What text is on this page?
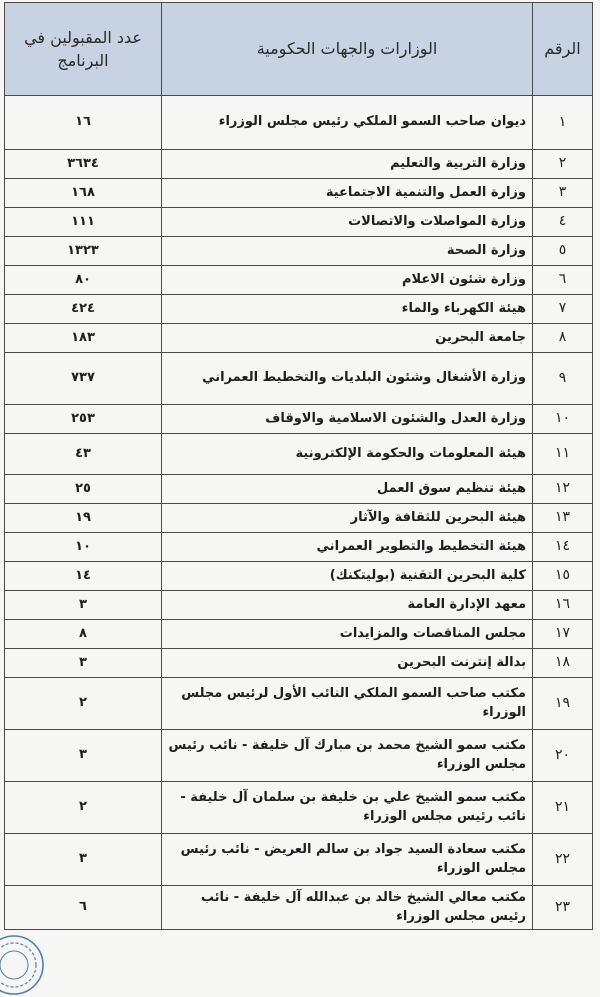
الرقم	الوزارات والجهات الحكومية	عدد المقبولين في البرنامج
١	ديوان صاحب السمو الملكي رئيس مجلس الوزراء	١٦
٢	وزارة التربية والتعليم	٣٦٣٤
٣	وزارة العمل والتنمية الاجتماعية	١٦٨
٤	وزارة المواصلات والاتصالات	١١١
٥	وزارة الصحة	١٣٢٣
٦	وزارة شئون الاعلام	٨٠
٧	هيئة الكهرباء والماء	٤٢٤
٨	جامعة البحرين	١٨٣
٩	وزارة الأشغال وشئون البلديات والتخطيط العمراني	٧٣٧
١٠	وزارة العدل والشئون الاسلامية والاوقاف	٢٥٣
١١	هيئة المعلومات والحكومة الإلكترونية	٤٣
١٢	هيئة تنظيم سوق العمل	٢٥
١٣	هيئة البحرين للثقافة والآثار	١٩
١٤	هيئة التخطيط والتطوير العمراني	١٠
١٥	كلية البحرين التقنية (بوليتكنك)	١٤
١٦	معهد الإدارة العامة	٣
١٧	مجلس المناقصات والمزايدات	٨
١٨	بدالة إنترنت البحرين	٣
١٩	مكتب صاحب السمو الملكي النائب الأول لرئيس مجلس الوزراء	٢
٢٠	مكتب سمو الشيخ محمد بن مبارك آل خليفة - نائب رئيس مجلس الوزراء	٣
٢١	مكتب سمو الشيخ علي بن خليفة بن سلمان آل خليفة - نائب رئيس مجلس الوزراء	٢
٢٢	مكتب سعادة السيد جواد بن سالم العريض - نائب رئيس مجلس الوزراء	٣
٢٣	مكتب معالي الشيخ خالد بن عبدالله آل خليفة - نائب رئيس مجلس الوزراء	٦
